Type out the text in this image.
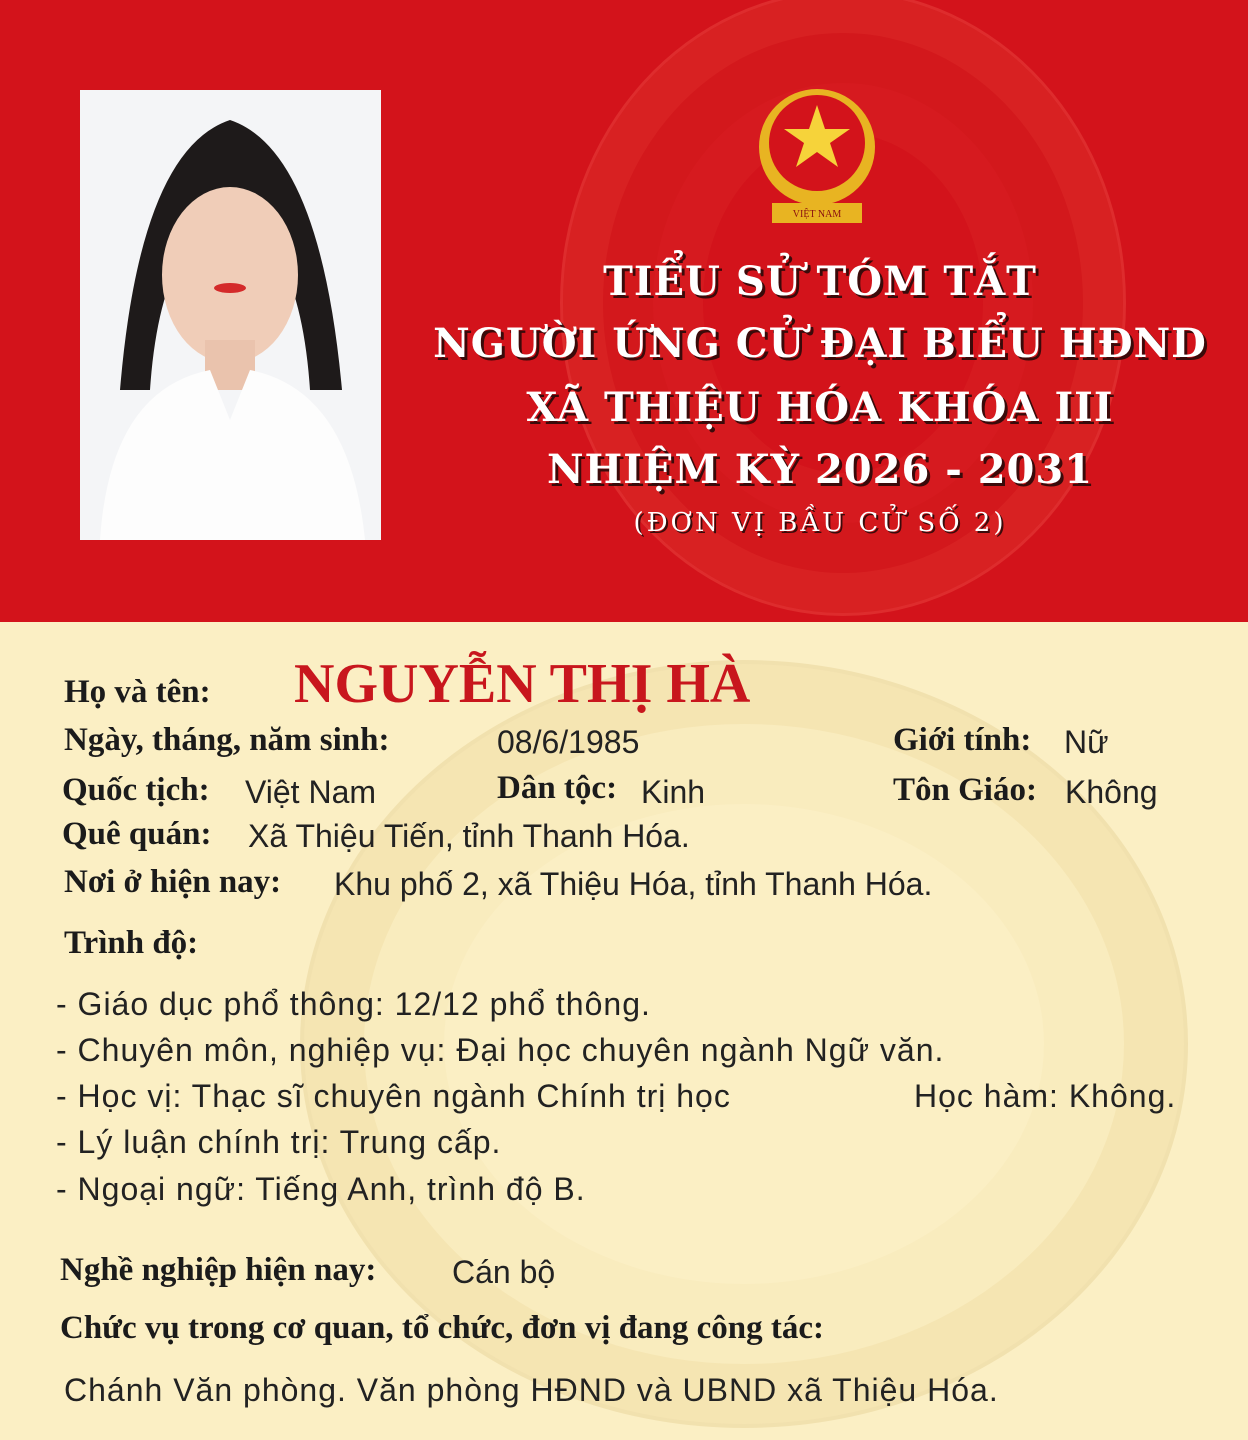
VIỆT NAM
TIỂU SỬ TÓM TẮT
NGƯỜI ỨNG CỬ ĐẠI BIỂU HĐND
XÃ THIỆU HÓA KHÓA III
NHIỆM KỲ 2026 - 2031
(ĐƠN VỊ BẦU CỬ SỐ 2)
Họ và tên: NGUYỄN THỊ HÀ
Ngày, tháng, năm sinh:	08/6/1985	Giới tính: Nữ
Quốc tịch: Việt Nam	Dân tộc: Kinh	Tôn Giáo: Không
Quê quán: Xã Thiệu Tiến, tỉnh Thanh Hóa.
Nơi ở hiện nay: Khu phố 2, xã Thiệu Hóa, tỉnh Thanh Hóa.
Trình độ:
- Giáo dục phổ thông: 12/12 phổ thông.
- Chuyên môn, nghiệp vụ: Đại học chuyên ngành Ngữ văn.
- Học vị: Thạc sĩ chuyên ngành Chính trị học	Học hàm: Không.
- Lý luận chính trị: Trung cấp.
- Ngoại ngữ: Tiếng Anh, trình độ B.
Nghề nghiệp hiện nay: Cán bộ
Chức vụ trong cơ quan, tổ chức, đơn vị đang công tác:
Chánh Văn phòng. Văn phòng HĐND và UBND xã Thiệu Hóa.
